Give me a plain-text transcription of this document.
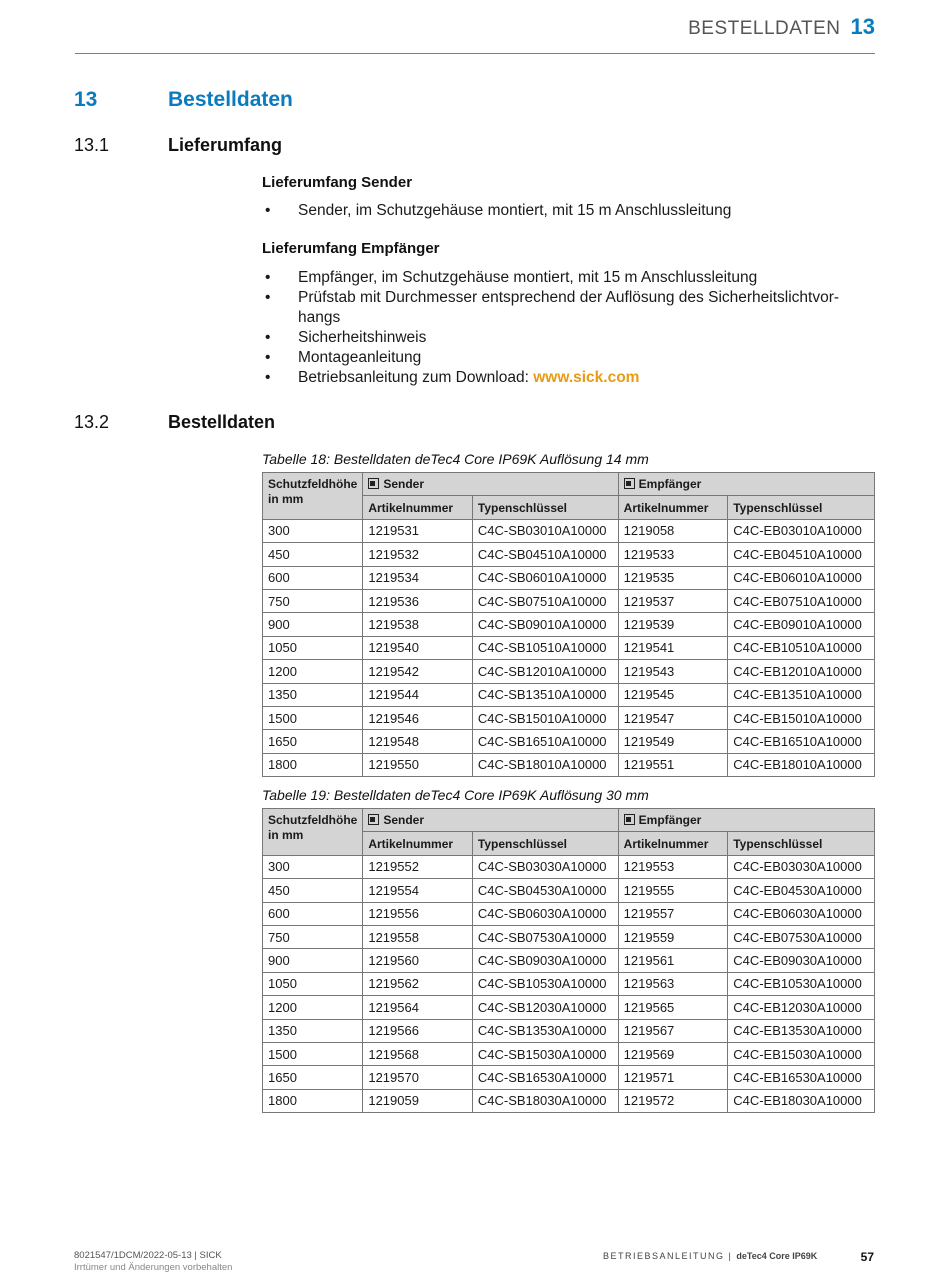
BESTELLDATEN 13
13	Bestelldaten
13.1	Lieferumfang
Lieferumfang Sender
• Sender, im Schutzgehäuse montiert, mit 15 m Anschlussleitung
Lieferumfang Empfänger
• Empfänger, im Schutzgehäuse montiert, mit 15 m Anschlussleitung
• Prüfstab mit Durchmesser entsprechend der Auflösung des Sicherheitslichtvor-
hangs
• Sicherheitshinweis
• Montageanleitung
• Betriebsanleitung zum Download: www.sick.com
13.2	Bestelldaten
Tabelle 18: Bestelldaten deTec4 Core IP69K Auflösung 14 mm
Schutzfeldhöhe in mm	Sender		Empfänger	
	Artikelnummer	Typenschlüssel	Artikelnummer	Typenschlüssel
300	1219531	C4C-SB03010A10000	1219058	C4C-EB03010A10000
450	1219532	C4C-SB04510A10000	1219533	C4C-EB04510A10000
600	1219534	C4C-SB06010A10000	1219535	C4C-EB06010A10000
750	1219536	C4C-SB07510A10000	1219537	C4C-EB07510A10000
900	1219538	C4C-SB09010A10000	1219539	C4C-EB09010A10000
1050	1219540	C4C-SB10510A10000	1219541	C4C-EB10510A10000
1200	1219542	C4C-SB12010A10000	1219543	C4C-EB12010A10000
1350	1219544	C4C-SB13510A10000	1219545	C4C-EB13510A10000
1500	1219546	C4C-SB15010A10000	1219547	C4C-EB15010A10000
1650	1219548	C4C-SB16510A10000	1219549	C4C-EB16510A10000
1800	1219550	C4C-SB18010A10000	1219551	C4C-EB18010A10000
Tabelle 19: Bestelldaten deTec4 Core IP69K Auflösung 30 mm
Schutzfeldhöhe in mm	Sender		Empfänger	
	Artikelnummer	Typenschlüssel	Artikelnummer	Typenschlüssel
300	1219552	C4C-SB03030A10000	1219553	C4C-EB03030A10000
450	1219554	C4C-SB04530A10000	1219555	C4C-EB04530A10000
600	1219556	C4C-SB06030A10000	1219557	C4C-EB06030A10000
750	1219558	C4C-SB07530A10000	1219559	C4C-EB07530A10000
900	1219560	C4C-SB09030A10000	1219561	C4C-EB09030A10000
1050	1219562	C4C-SB10530A10000	1219563	C4C-EB10530A10000
1200	1219564	C4C-SB12030A10000	1219565	C4C-EB12030A10000
1350	1219566	C4C-SB13530A10000	1219567	C4C-EB13530A10000
1500	1219568	C4C-SB15030A10000	1219569	C4C-EB15030A10000
1650	1219570	C4C-SB16530A10000	1219571	C4C-EB16530A10000
1800	1219059	C4C-SB18030A10000	1219572	C4C-EB18030A10000
8021547/1DCM/2022-05-13 | SICK
Irrtümer und Änderungen vorbehalten
BETRIEBSANLEITUNG | deTec4 Core IP69K	57
